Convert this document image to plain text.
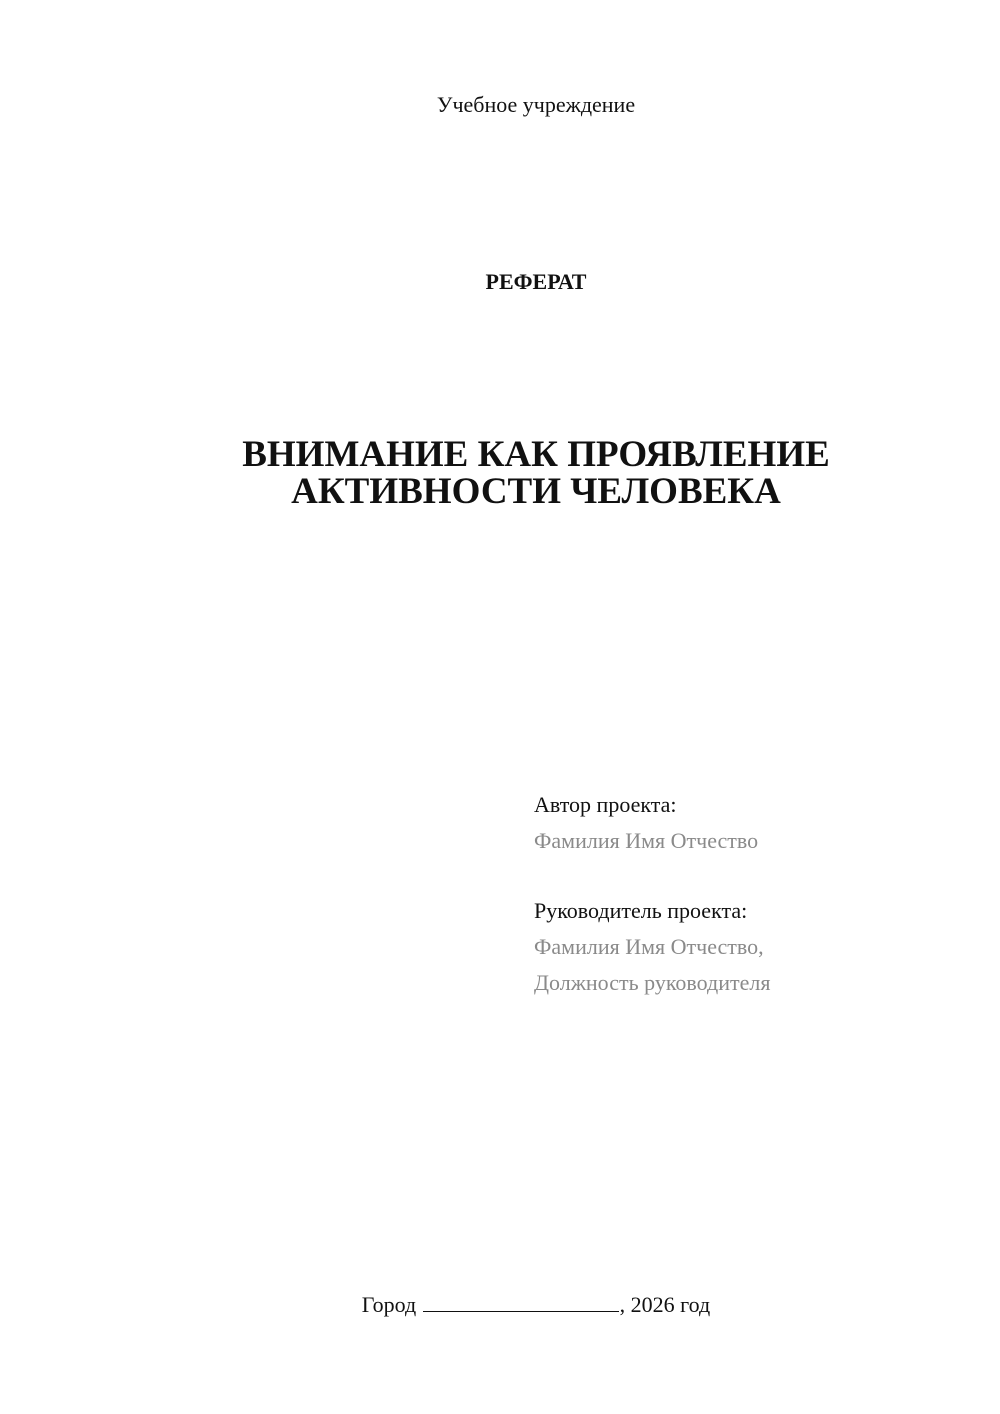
Учебное учреждение
РЕФЕРАТ
ВНИМАНИЕ КАК ПРОЯВЛЕНИЕ
АКТИВНОСТИ ЧЕЛОВЕКА
Автор проекта:
Фамилия Имя Отчество
Руководитель проекта:
Фамилия Имя Отчество,
Должность руководителя
Город	, 2026 год
